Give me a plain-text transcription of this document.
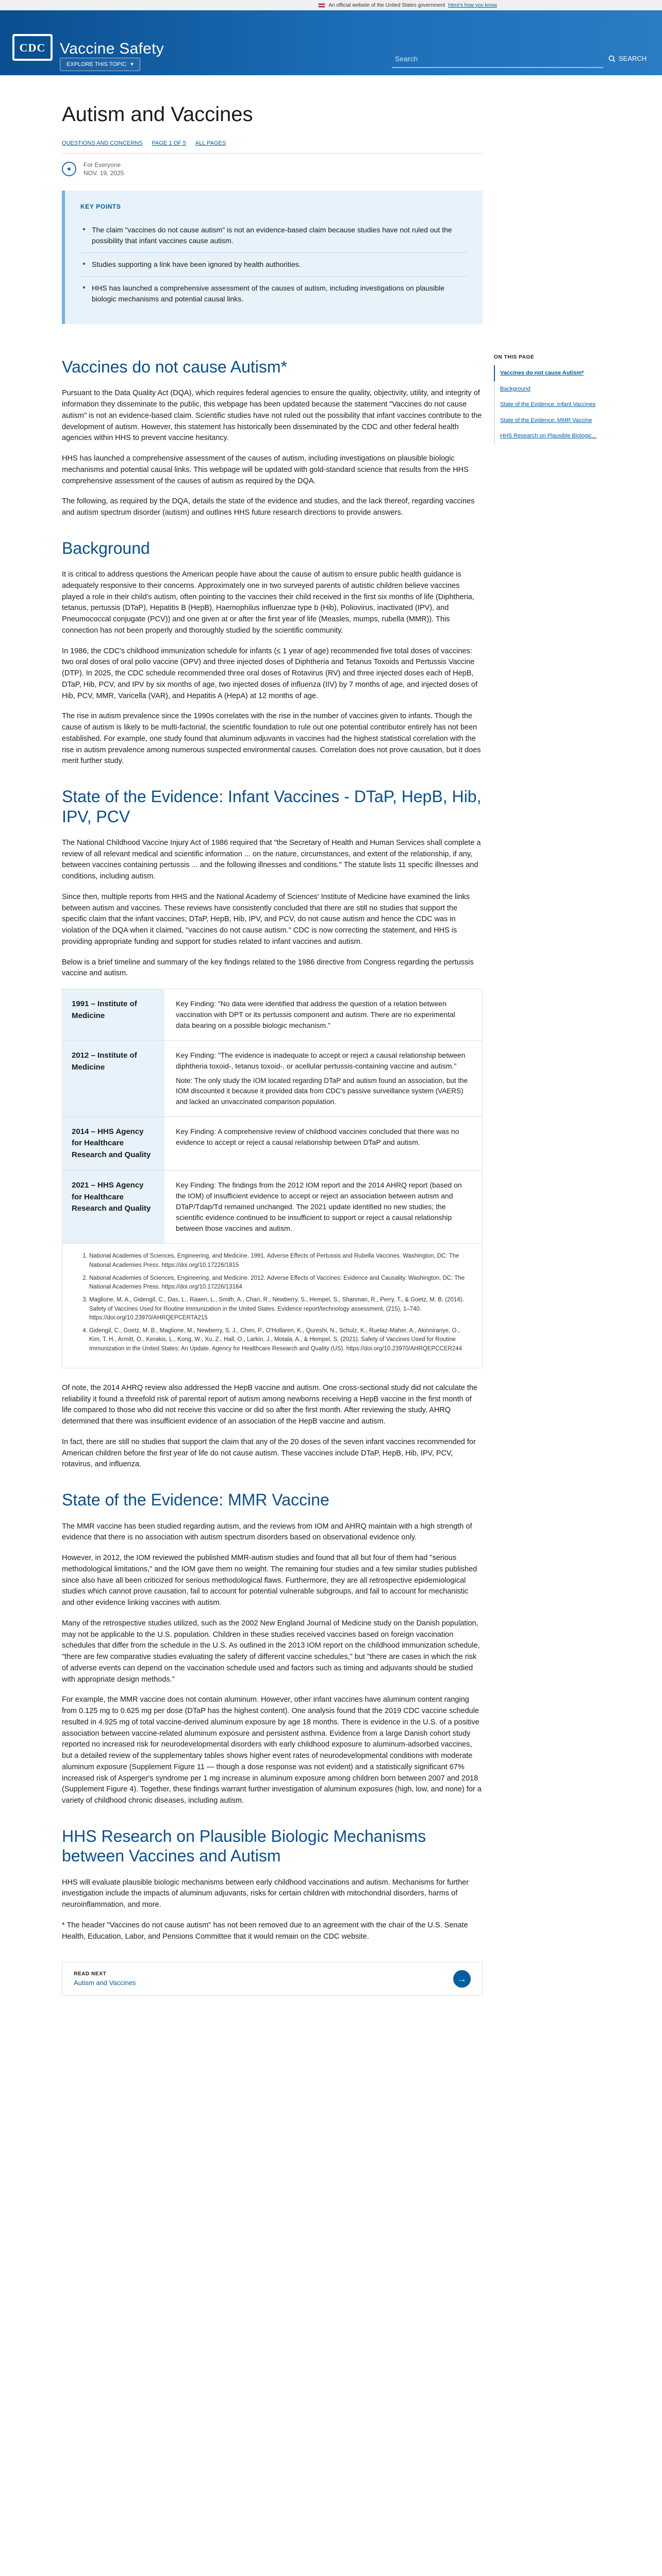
An official website of the United States government Here's how you know
CDC Vaccine Safety
EXPLORE THIS TOPIC ▾
Search
SEARCH
Autism and Vaccines
QUESTIONS AND CONCERNS PAGE 1 OF 5 ALL PAGES
●	For Everyone
NOV. 19, 2025
KEY POINTS
• The claim "vaccines do not cause autism" is not an evidence-based claim because studies have not ruled out the possibility that infant vaccines cause autism.
• Studies supporting a link have been ignored by health authorities.
• HHS has launched a comprehensive assessment of the causes of autism, including investigations on plausible biologic mechanisms and potential causal links.
Vaccines do not cause Autism*

Pursuant to the Data Quality Act (DQA), which requires federal agencies to ensure the quality, objectivity, utility, and integrity of information they disseminate to the public, this webpage has been updated because the statement "Vaccines do not cause autism" is not an evidence-based claim. Scientific studies have not ruled out the possibility that infant vaccines contribute to the development of autism. However, this statement has historically been disseminated by the CDC and other federal health agencies within HHS to prevent vaccine hesitancy.

HHS has launched a comprehensive assessment of the causes of autism, including investigations on plausible biologic mechanisms and potential causal links. This webpage will be updated with gold-standard science that results from the HHS comprehensive assessment of the causes of autism as required by the DQA.

The following, as required by the DQA, details the state of the evidence and studies, and the lack thereof, regarding vaccines and autism spectrum disorder (autism) and outlines HHS future research directions to provide answers.

Background

It is critical to address questions the American people have about the cause of autism to ensure public health guidance is adequately responsive to their concerns. Approximately one in two surveyed parents of autistic children believe vaccines played a role in their child's autism, often pointing to the vaccines their child received in the first six months of life (Diphtheria, tetanus, pertussis (DTaP), Hepatitis B (HepB), Haemophilus influenzae type b (Hib), Poliovirus, inactivated (IPV), and Pneumococcal conjugate (PCV)) and one given at or after the first year of life (Measles, mumps, rubella (MMR)). This connection has not been properly and thoroughly studied by the scientific community.

In 1986, the CDC's childhood immunization schedule for infants (≤ 1 year of age) recommended five total doses of vaccines: two oral doses of oral polio vaccine (OPV) and three injected doses of Diphtheria and Tetanus Toxoids and Pertussis Vaccine (DTP). In 2025, the CDC schedule recommended three oral doses of Rotavirus (RV) and three injected doses each of HepB, DTaP, Hib, PCV, and IPV by six months of age, two injected doses of influenza (IIV) by 7 months of age, and injected doses of Hib, PCV, MMR, Varicella (VAR), and Hepatitis A (HepA) at 12 months of age.

The rise in autism prevalence since the 1990s correlates with the rise in the number of vaccines given to infants. Though the cause of autism is likely to be multi-factorial, the scientific foundation to rule out one potential contributor entirely has not been established. For example, one study found that aluminum adjuvants in vaccines had the highest statistical correlation with the rise in autism prevalence among numerous suspected environmental causes. Correlation does not prove causation, but it does merit further study.

State of the Evidence: Infant Vaccines - DTaP, HepB, Hib, IPV, PCV

The National Childhood Vaccine Injury Act of 1986 required that "the Secretary of Health and Human Services shall complete a review of all relevant medical and scientific information ... on the nature, circumstances, and extent of the relationship, if any, between vaccines containing pertussis ... and the following illnesses and conditions." The statute lists 11 specific illnesses and conditions, including autism.

Since then, multiple reports from HHS and the National Academy of Sciences' Institute of Medicine have examined the links between autism and vaccines. These reviews have consistently concluded that there are still no studies that support the specific claim that the infant vaccines; DTaP, HepB, Hib, IPV, and PCV, do not cause autism and hence the CDC was in violation of the DQA when it claimed, "vaccines do not cause autism." CDC is now correcting the statement, and HHS is providing appropriate funding and support for studies related to infant vaccines and autism.

Below is a brief timeline and summary of the key findings related to the 1986 directive from Congress regarding the pertussis vaccine and autism.

1991 – Institute of Medicine
Key Finding: "No data were identified that address the question of a relation between vaccination with DPT or its pertussis component and autism. There are no experimental data bearing on a possible biologic mechanism."
2012 – Institute of Medicine
Key Finding: "The evidence is inadequate to accept or reject a causal relationship between diphtheria toxoid-, tetanus toxoid-, or acellular pertussis-containing vaccine and autism."
Note: The only study the IOM located regarding DTaP and autism found an association, but the IOM discounted it because it provided data from CDC's passive surveillance system (VAERS) and lacked an unvaccinated comparison population.
2014 – HHS Agency for Healthcare Research and Quality
Key Finding: A comprehensive review of childhood vaccines concluded that there was no evidence to accept or reject a causal relationship between DTaP and autism.
2021 – HHS Agency for Healthcare Research and Quality
Key Finding: The findings from the 2012 IOM report and the 2014 AHRQ report (based on the IOM) of insufficient evidence to accept or reject an association between autism and DTaP/Tdap/Td remained unchanged. The 2021 update identified no new studies; the scientific evidence continued to be insufficient to support or reject a causal relationship between those vaccines and autism.
1. National Academies of Sciences, Engineering, and Medicine. 1991. Adverse Effects of Pertussis and Rubella Vaccines. Washington, DC: The National Academies Press. https://doi.org/10.17226/1815
2. National Academies of Sciences, Engineering, and Medicine. 2012. Adverse Effects of Vaccines: Evidence and Causality. Washington, DC: The National Academies Press. https://doi.org/10.17226/13164
3. Maglione, M. A., Gidengil, C., Das, L., Raaen, L., Smith, A., Chari, R., Newberry, S., Hempel, S., Shanman, R., Perry, T., & Goetz, M. B. (2014). Safety of Vaccines Used for Routine Immunization in the United States. Evidence report/technology assessment, (215), 1–740. https://doi.org/10.23970/AHRQEPCERTA215
4. Gidengil, C., Goetz, M. B., Maglione, M., Newberry, S. J., Chen, P., O'Hollaren, K., Qureshi, N., Schulz, K., Ruelaz-Maher, A., Akinniranye, O., Kim, T. H., Armitt, O., Kerakis, L., Kong, W., Xu, Z., Hall, O., Larkin, J., Motala, A., & Hempel, S. (2021). Safety of Vaccines Used for Routine Immunization in the United States: An Update. Agency for Healthcare Research and Quality (US). https://doi.org/10.23970/AHRQEPCCER244

Of note, the 2014 AHRQ review also addressed the HepB vaccine and autism. One cross-sectional study did not calculate the reliability it found a threefold risk of parental report of autism among newborns receiving a HepB vaccine in the first month of life compared to those who did not receive this vaccine or did so after the first month. After reviewing the study, AHRQ determined that there was insufficient evidence of an association of the HepB vaccine and autism.

In fact, there are still no studies that support the claim that any of the 20 doses of the seven infant vaccines recommended for American children before the first year of life do not cause autism. These vaccines include DTaP, HepB, Hib, IPV, PCV, rotavirus, and influenza.

State of the Evidence: MMR Vaccine

The MMR vaccine has been studied regarding autism, and the reviews from IOM and AHRQ maintain with a high strength of evidence that there is no association with autism spectrum disorders based on observational evidence only.

However, in 2012, the IOM reviewed the published MMR-autism studies and found that all but four of them had "serious methodological limitations," and the IOM gave them no weight. The remaining four studies and a few similar studies published since also have all been criticized for serious methodological flaws. Furthermore, they are all retrospective epidemiological studies which cannot prove causation, fail to account for potential vulnerable subgroups, and fail to account for mechanistic and other evidence linking vaccines with autism.

Many of the retrospective studies utilized, such as the 2002 New England Journal of Medicine study on the Danish population, may not be applicable to the U.S. population. Children in these studies received vaccines based on foreign vaccination schedules that differ from the schedule in the U.S. As outlined in the 2013 IOM report on the childhood immunization schedule, "there are few comparative studies evaluating the safety of different vaccine schedules," but "there are cases in which the risk of adverse events can depend on the vaccination schedule used and factors such as timing and adjuvants should be studied with appropriate design methods."

For example, the MMR vaccine does not contain aluminum. However, other infant vaccines have aluminum content ranging from 0.125 mg to 0.625 mg per dose (DTaP has the highest content). One analysis found that the 2019 CDC vaccine schedule resulted in 4.925 mg of total vaccine-derived aluminum exposure by age 18 months. There is evidence in the U.S. of a positive association between vaccine-related aluminum exposure and persistent asthma. Evidence from a large Danish cohort study reported no increased risk for neurodevelopmental disorders with early childhood exposure to aluminum-adsorbed vaccines, but a detailed review of the supplementary tables shows higher event rates of neurodevelopmental conditions with moderate aluminum exposure (Supplement Figure 11 — though a dose response was not evident) and a statistically significant 67% increased risk of Asperger's syndrome per 1 mg increase in aluminum exposure among children born between 2007 and 2018 (Supplement Figure 4). Together, these findings warrant further investigation of aluminum exposures (high, low, and none) for a variety of childhood chronic diseases, including autism.

HHS Research on Plausible Biologic Mechanisms between Vaccines and Autism

HHS will evaluate plausible biologic mechanisms between early childhood vaccinations and autism. Mechanisms for further investigation include the impacts of aluminum adjuvants, risks for certain children with mitochondrial disorders, harms of neuroinflammation, and more.

* The header "Vaccines do not cause autism" has not been removed due to an agreement with the chair of the U.S. Senate Health, Education, Labor, and Pensions Committee that it would remain on the CDC website.

READ NEXT
Autism and Vaccines	→
ON THIS PAGE
Vaccines do not cause Autism*
Background
State of the Evidence: Infant Vaccines
State of the Evidence: MMR Vaccine
HHS Research on Plausible Biologic...
